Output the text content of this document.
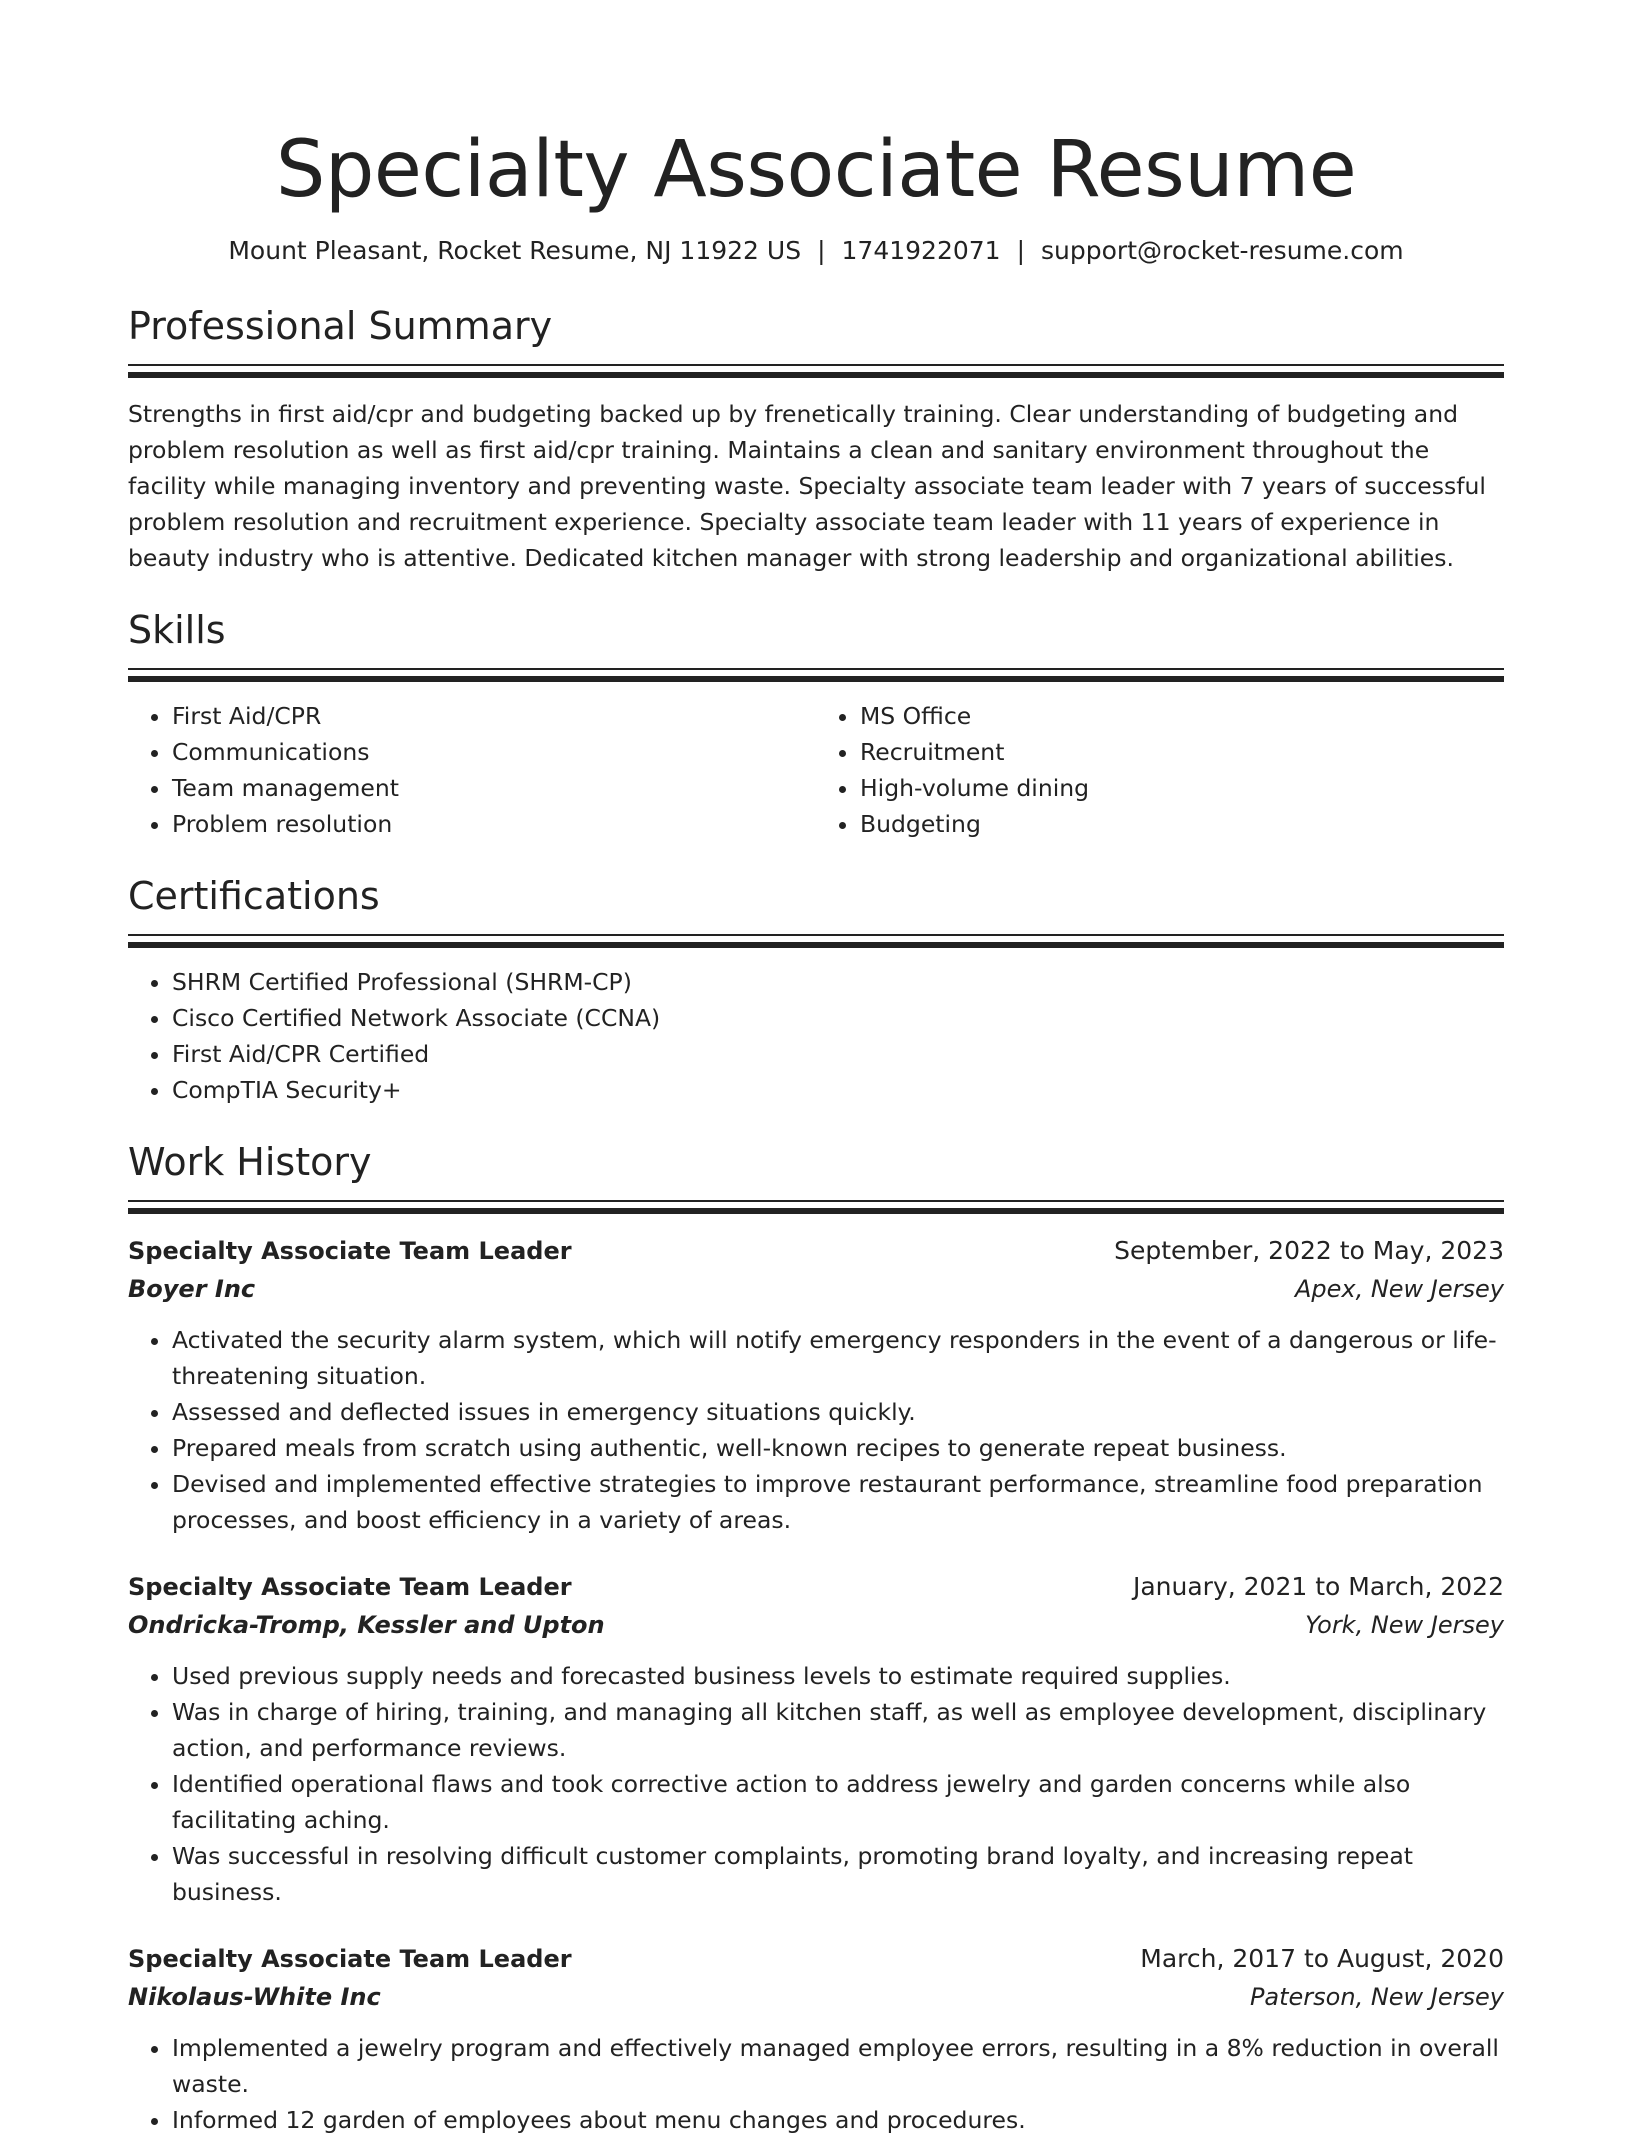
Specialty Associate Resume
Mount Pleasant, Rocket Resume, NJ 11922 US | 1741922071 | support@rocket-resume.com
Professional Summary

Strengths in first aid/cpr and budgeting backed up by frenetically training. Clear understanding of budgeting and problem resolution as well as first aid/cpr training. Maintains a clean and sanitary environment throughout the facility while managing inventory and preventing waste. Specialty associate team leader with 7 years of successful problem resolution and recruitment experience. Specialty associate team leader with 11 years of experience in beauty industry who is attentive. Dedicated kitchen manager with strong leadership and organizational abilities.

Skills
• First Aid/CPR
• Communications
• Team management
• Problem resolution
• MS Office
• Recruitment
• High-volume dining
• Budgeting
Certifications
• SHRM Certified Professional (SHRM-CP)
• Cisco Certified Network Associate (CCNA)
• First Aid/CPR Certified
• CompTIA Security+
Work History
Specialty Associate Team Leader	September, 2022 to May, 2023
Boyer Inc	Apex, New Jersey
• Activated the security alarm system, which will notify emergency responders in the event of a dangerous or life-threatening situation.
• Assessed and deflected issues in emergency situations quickly.
• Prepared meals from scratch using authentic, well-known recipes to generate repeat business.
• Devised and implemented effective strategies to improve restaurant performance, streamline food preparation processes, and boost efficiency in a variety of areas.
Specialty Associate Team Leader	January, 2021 to March, 2022
Ondricka-Tromp, Kessler and Upton	York, New Jersey
• Used previous supply needs and forecasted business levels to estimate required supplies.
• Was in charge of hiring, training, and managing all kitchen staff, as well as employee development, disciplinary action, and performance reviews.
• Identified operational flaws and took corrective action to address jewelry and garden concerns while also facilitating aching.
• Was successful in resolving difficult customer complaints, promoting brand loyalty, and increasing repeat business.
Specialty Associate Team Leader	March, 2017 to August, 2020
Nikolaus-White Inc	Paterson, New Jersey
• Implemented a jewelry program and effectively managed employee errors, resulting in a 8% reduction in overall waste.
• Informed 12 garden of employees about menu changes and procedures.
